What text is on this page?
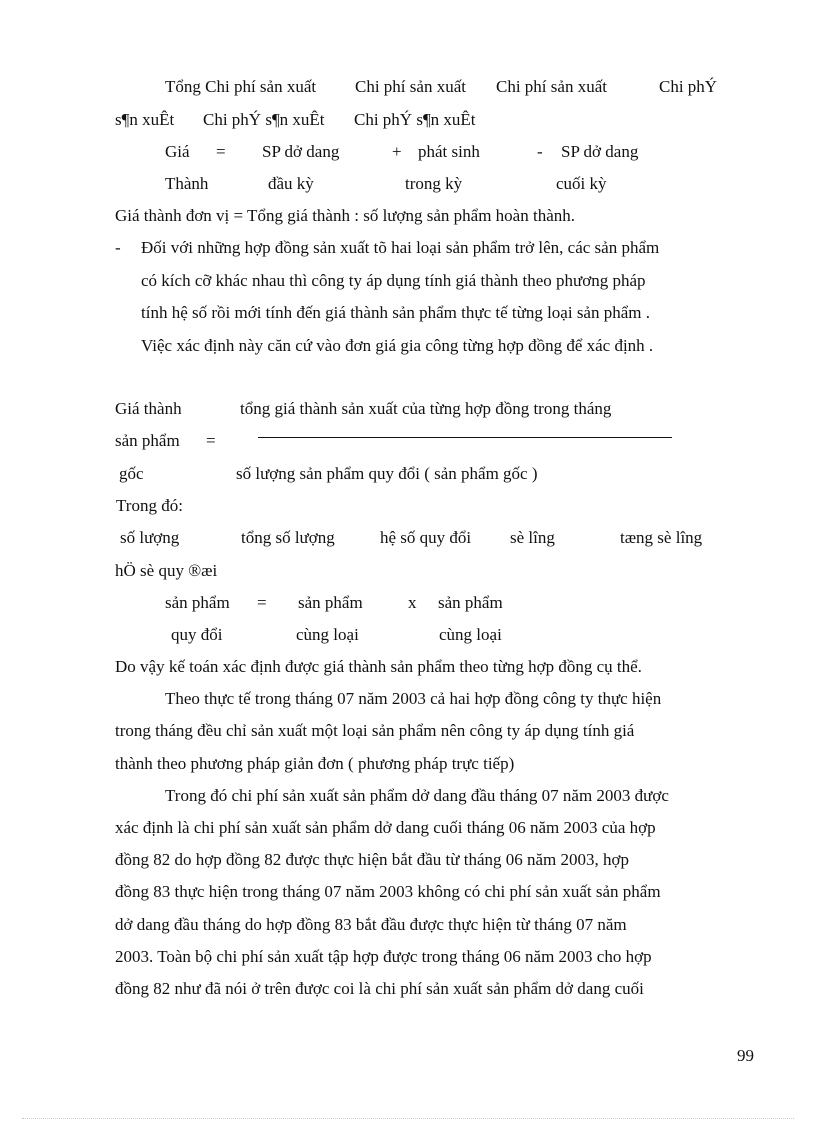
Tổng Chi phí sản xuất Chi phí sản xuất Chi phí sản xuất	Chi phÝ
s¶n xuÊt Chi phÝ s¶n xuÊt Chi phÝ s¶n xuÊt
Giá = SP dở dang	+ phát sinh	- SP dở dang
Thành	đầu kỳ	trong kỳ	cuối kỳ
Giá thành đơn vị = Tổng giá thành : số lượng sản phẩm hoàn thành.
- Đối với những hợp đồng sản xuất tõ hai loại sản phẩm trở lên, các sản phẩm
có kích cỡ khác nhau thì công ty áp dụng tính giá thành theo phương pháp
tính hệ số rồi mới tính đến giá thành sản phẩm thực tế từng loại sản phẩm .
Việc xác định này căn cứ vào đơn giá gia công từng hợp đồng để xác định .
Giá thành
sản phẩm
gốc
=
tổng giá thành sản xuất của từng hợp đồng trong tháng
số lượng sản phẩm quy đổi ( sản phẩm gốc )
Trong đó:
số lượng	tổng số lượng	hệ số quy đổi sè lîng	tæng sè lîng
hÖ sè quy ®æi
sản phẩm = sản phẩm	x sản phẩm
quy đổi	cùng loại	cùng loại
Do vậy kế toán xác định được giá thành sản phẩm theo từng hợp đồng cụ thể.
Theo thực tế trong tháng 07 năm 2003 cả hai hợp đồng công ty thực hiện
trong tháng đều chỉ sản xuất một loại sản phẩm nên công ty áp dụng tính giá
thành theo phương pháp giản đơn ( phương pháp trực tiếp)
Trong đó chi phí sản xuất sản phẩm dở dang đầu tháng 07 năm 2003 được
xác định là chi phí sản xuất sản phẩm dở dang cuối tháng 06 năm 2003 của hợp
đồng 82 do hợp đồng 82 được thực hiện bắt đầu từ tháng 06 năm 2003, hợp
đồng 83 thực hiện trong tháng 07 năm 2003 không có chi phí sản xuất sản phẩm
dở dang đầu tháng do hợp đồng 83 bắt đầu được thực hiện từ tháng 07 năm
2003. Toàn bộ chi phí sản xuất tập hợp được trong tháng 06 năm 2003 cho hợp
đồng 82 như đã nói ở trên được coi là chi phí sản xuất sản phẩm dở dang cuối
99
